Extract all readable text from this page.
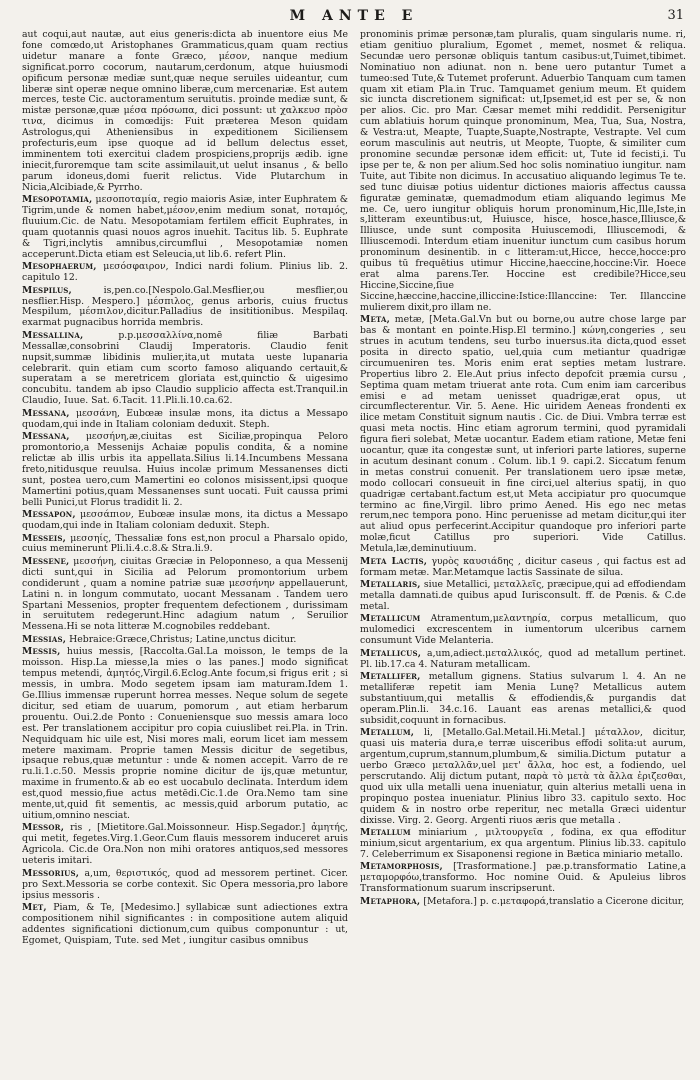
M ANTE E	31

aut coqui,aut nautæ, aut eius generis:dicta ab inuentore eius Me fone comœdo,ut Aristophanes Grammaticus,quam quam rectius uidetur manare a fonte Græco, μέσον, nanque medium significat.porro cocorum, nautarum,cerdonum, atque huiusmodi opificum personæ mediæ sunt,quæ neque seruiles uideantur, cum liberæ sint operæ neque omnino liberæ,cum mercenariæ. Est autem merces, teste Cic. auctoramentum seruitutis. proinde mediæ sunt, & mistæ personæ,quæ μέσα πρόσωπα, dici possunt: ut χαλκευσ πρὸσ τινα, dicimus in comœdijs: Fuit præterea Meson quidam Astrologus,qui Atheniensibus in expeditionem Siciliensem profecturis,eum ipse quoque ad id bellum delectus esset, imminentem toti exercitui cladem prospiciens,proprijs ædib. igne iniecit,furoremque tam scite assimilauit,ut uelut insanus , & bello parum idoneus,domi fuerit relictus. Vide Plutarchum in Nicia,Alcibiade,& Pyrrho.

Mesopotamia, μεσοποταμία, regio maioris Asiæ, inter Euphratem & Tigrim,unde & nomen habet,μέσον,enim medium sonat, ποταμός, fluuium.Cic. de Natu. Mesopotamiam fertilem efficit Euphrates, in quam quotannis quasi nouos agros inuehit. Tacitus lib. 5. Euphrate & Tigri,inclytis amnibus,circumflui , Mesopotamiæ nomen acceperunt.Dicta etiam est Seleucia,ut lib.6. refert Plin.

Mesophaerum, μεσόσφαιρον, Indici nardi folium. Plinius lib. 2. capitulo 12.

Mespilus,	is,pen.co.[Nespolo.Gal.Mesflier,ou mesflier,ou nesflier.Hisp. Mespero.] μέσπιλος, genus arboris, cuius fructus Mespilum, μέσπιλον,dicitur.Palladius de insititionibus. Mespilaq. exarmat pugnacibus horrida membris.

Messallina,	p.p.μεσσαλλίνα,nomē filiæ Barbati Messallæ,consobrini Claudij Imperatoris. Claudio fenit nupsit,summæ libidinis mulier,ita,ut mutata ueste lupanaria celebrarit. quin etiam cum scorto famoso aliquando certauit,& superatam a se meretricem gloriata est,quinctio & uigesimo concubitu. tandem ab ipso Claudio supplicio affecta est.Tranquil.in Claudio, Iuue. Sat. 6.Tacit. 11.Pli.li.10.ca.62.

Messana, μεσσάνη, Eubœæ insulæ mons, ita dictus a Messapo quodam,qui inde in Italiam coloniam deduxit. Steph.

Messana, μεσσήνη,æ,ciuitas est Siciliæ,propinqua Peloro promontorio,a Messenijs Achaiæ populis condita, & a nomine relictæ ab illis urbis ita appellata.Silius li.14.Incumbens Messana freto,nitidusque reuulsa. Huius incolæ primum Messanenses dicti sunt, postea uero,cum Mamertini eo colonos misissent,ipsi quoque Mamertini potius,quam Messanenses sunt uocati. Fuit caussa primi belli Punici,ut Florus tradidit li. 2.

Messapon, μεσσάπιον, Eubœæ insulæ mons, ita dictus a Messapo quodam,qui inde in Italiam coloniam deduxit. Steph.

Messeis, μεσσηίς, Thessaliæ fons est,non procul a Pharsalo opido, cuius meminerunt Pli.li.4.c.8.& Stra.li.9.

Messene, μεσσήνη, ciuitas Græciæ in Peloponneso, a qua Messenij dicti sunt,qui in Sicilia ad Pelorum promontorium urbem condiderunt , quam a nomine patriæ suæ μεσσήνην appellauerunt, Latini n. in longum commutato, uocant Messanam . Tandem uero Spartani Messenios, propter frequentem defectionem , durissimam in seruitutem redegerunt.Hinc adagium natum , Seruilior Messena.Hi se nota litteræ M.cognobiles reddebant.

Messias, Hebraice:Græce,Christus; Latine,unctus dicitur.

Messis, huius messis, [Raccolta.Gal.La moisson, le temps de la moisson. Hisp.La miesse,la mies o las panes.] modo significat tempus metendi, ἀμητός,Virgil.6.Eclog.Ante focum,si frigus erit ; si messis, in umbra. Modo segetem ipsam iam maturam.Idem 1. Ge.Illius immensæ ruperunt horrea messes. Neque solum de segete dicitur, sed etiam de uuarum, pomorum , aut etiam herbarum prouentu. Oui.2.de Ponto : Conueniensque suo messis amara loco est. Per translationem accipitur pro copia cuiuslibet rei.Pla. in Trin. Nequidquam hic uile est, Nisi mores mali, eorum licet iam messem metere maximam. Proprie tamen Messis dicitur de segetibus, ipsaque rebus,quæ metuntur : unde & nomen accepit. Varro de re ru.li.1.c.50. Messis proprie nomine dicitur de ijs,quæ metuntur, maxime in frumento.& ab eo est uocabulo declinata. Interdum idem est,quod messio,fiue actus metēdi.Cic.1.de Ora.Nemo tam sine mente,ut,quid fit sementis, ac messis,quid arborum putatio, ac uitium,omnino nesciat.

Messor, ris , [Mietitore.Gal.Moissonneur. Hisp.Segador.] ἀμητής, qui metit, fegetes.Virg.1.Geor.Cum flauis messorem induceret aruis Agricola. Cic.de Ora.Non non mihi oratores antiquos,sed messores ueteris imitari.

Messorius, a,um, θεριστικός, quod ad messorem pertinet. Cicer. pro Sext.Messoria se corbe contexit. Sic Opera messoria,pro labore ipsius messoris .

Met, Piam, & Te, [Medesimo.] syllabicæ sunt adiectiones extra compositionem nihil significantes : in compositione autem aliquid addentes significationi dictionum,cum quibus componuntur : ut, Egomet, Quispiam, Tute. sed Met , iungitur casibus omnibus

pronominis primæ personæ,tam pluralis, quam singularis nume. ri, etiam genitiuo pluralium, Egomet , memet, nosmet & reliqua. Secundæ uero personæ obliquis tantum casibus:ut,Tuimet,tibimet. Nominatiuo non adiunat. non n. bene uero putantur Tumet a tumeo:sed Tute,& Tutemet proferunt. Aduerbio Tanquam cum tamen quam xit etiam Pla.in Truc. Tamquamet genium meum. Et quidem sic iuncta discretionem significat: ut,Ipsemet,id est per se, & non per alios. Cic. pro Mar. Cæsar memet mihi reddidit. Persenigitur cum ablatiuis horum quinque pronominum, Mea, Tua, Sua, Nostra, & Vestra:ut, Meapte, Tuapte,Suapte,Nostrapte, Vestrapte. Vel cum eorum masculinis aut neutris, ut Meopte, Tuopte, & similiter cum pronomine secundæ personæ idem efficit: ut, Tute id fecisti,i. Tu ipse per te, & non per alium.Sed hoc solis nominatiuo iungitur. nam Tuite, aut Tibite non dicimus. In accusatiuo aliquando legimus Te te. sed tunc diuisæ potius uidentur dictiones maioris affectus caussa figuratæ geminatæ, quemadmodum etiam aliquando legimus Me me. Ce, uero iungitur obliquis horum pronominum,Hic,Ille,Iste,in s,litteram exeuntibus:ut, Huiusce, hisce, hosce,hasce,Illiusce,& Illiusce, unde sunt composita Huiuscemodi, Illiuscemodi, & Illiuscemodi. Interdum etiam inuenitur iunctum cum casibus horum pronominum desinentib. in c litteram:ut,Hicce, hecce,hocce:pro quibus tū frequētius utimur Hiccine,haeccine,hoccine:Vir. Hoece erat alma parens.Ter. Hoccine est credibile?Hicce,seu Hiccine,Siccine,ſiue Siccine,hæccine,haccine,illiccine:Istice:Illanccine: Ter. Illanccine mulierem dixit,pro illam ne.

Meta, metæ, [Meta.Gal.Vn but ou borne,ou autre chose large par bas & montant en pointe.Hisp.El termino.] κώνη,congeries , seu strues in acutum tendens, seu turbo inuersus.ita dicta,quod esset posita in directo spatio, uel,quia cum metiantur quadrigæ circumueniren tes. Moris enim erat septies metam lustrare. Propertius libro 2. Ele.Aut prius infecto depofcit præmia cursu , Septima quam metam triuerat ante rota. Cum enim iam carceribus emisi e ad metam uenisset quadrigæ,erat opus, ut circumflecterentur. Vir. 5. Aene. Hic uiridem Aeneas frondenti ex ilice metam Constituit signum nautis . Cic. de Diui. Vmbra terræ est quasi meta noctis. Hinc etiam agrorum termini, quod pyramidali figura fieri solebat, Metæ uocantur. Eadem etiam ratione, Metæ feni uocantur, quæ ita congestæ sunt, ut inferiori parte latiores, superne in acutum desinant conum . Colum. lib.1 9. capi.2. Siccatum fenum in metas construi conuenit. Per translationem uero ipsæ metæ, modo collocari consueuit in fine circi,uel alterius spatij, in quo quadrigæ certabant.factum est,ut Meta accipiatur pro quocumque termino ac fine,Virgil. libro primo Aened. His ego nec metas rerum,nec tempora pono. Hinc peruenisse ad metam dicitur,qui iter aut aliud opus perfecerint.Accipitur quandoque pro inferiori parte molæ,ficut Catillus pro superiori. Vide Catillus. Metula,læ,deminutiuum.

Meta Lactis, γυρὸς καυσιάδης , dicitur caseus , qui factus est ad formam metæ. Mar.Metamque lactis Sassinate de silua.

Metallaris, siue Metallici, μεταλλεῖς, præcipue,qui ad effodiendam metalla damnati.de quibus apud Iurisconsult. ff. de Pœnis. & C.de metal.

Metallicum Atramentum,μελαντηρία, corpus metallicum, quo mulomedici excrescentem in iumentorum ulceribus carnem consumunt Vide Melanteria.

Metallicus, a,um,adiect.μεταλλικός, quod ad metallum pertinet. Pl. lib.17.ca 4. Naturam metallicam.

Metallifer, metallum gignens. Statius sulvarum l. 4. An ne metalliferæ repetit iam Menia Lunę? Metallicus autem substantiuum,qui metallis & effodiendis,& purgandis dat operam.Plin.li. 34.c.16. Lauant eas arenas metallici,& quod subsidit,coquunt in fornacibus.

Metallum, li, [Metallo.Gal.Metail.Hi.Metal.] μέταλλον, dicitur, quasi uis materia dura,e terræ uisceribus effodi solita:ut aurum, argentum,cuprum,stannum,plumbum,& similia.Dictum putatur a uerbo Græco μεταλλᾶν,uel μετ' ἄλλα, hoc est, a fodiendo, uel perscrutando. Alij dictum putant, παρὰ τὸ μετὰ τὰ ἄλλα ἐριζεσθαι, quod uix ulla metalli uena inueniatur, quin alterius metalli uena in propinquo postea inueniatur. Plinius libro 33. capitulo sexto. Hoc quidem & in nostro orbe reperitur, nec metalla Græci uidentur dixisse. Virg. 2. Georg. Argenti riuos æris que metalla .

Metallum miniarium , μιλτουργεῖα , fodina, ex qua effoditur minium,sicut argentarium, ex qua argentum. Plinius lib.33. capitulo 7. Celeberrimum ex Sisaponensi regione in Bætica miniario metallo.

Metamorphosis, [Trasformatione.] pæ.p.transformatio Latine,a μεταμορφόω,transformo. Hoc nomine Ouid. & Apuleius libros Transformationum suarum inscripserunt.

Metaphora, [Metafora.] p. c.μεταφορά,translatio a Cicerone dicitur,
